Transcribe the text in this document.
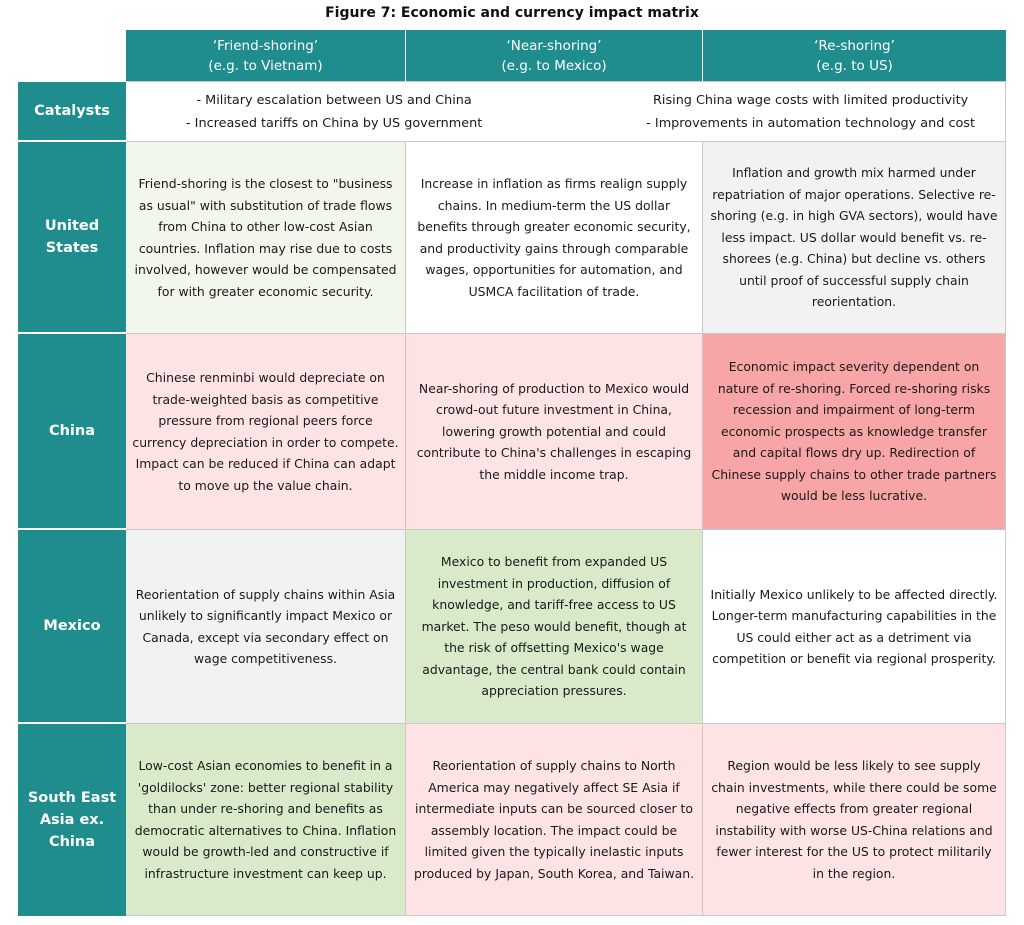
Figure 7: Economic and currency impact matrix
‘Friend-shoring’
(e.g. to Vietnam)
‘Near-shoring’
(e.g. to Mexico)
‘Re-shoring’
(e.g. to US)
Catalysts
- Military escalation between US and China
- Increased tariffs on China by US government
Rising China wage costs with limited productivity
- Improvements in automation technology and cost
United States
Friend-shoring is the closest to "business as usual" with substitution of trade flows from China to other low-cost Asian countries. Inflation may rise due to costs involved, however would be compensated for with greater economic security.
Increase in inflation as firms realign supply chains. In medium-term the US dollar benefits through greater economic security, and productivity gains through comparable wages, opportunities for automation, and USMCA facilitation of trade.
Inflation and growth mix harmed under repatriation of major operations. Selective re-shoring (e.g. in high GVA sectors), would have less impact. US dollar would benefit vs. re-shorees (e.g. China) but decline vs. others until proof of successful supply chain reorientation.
China
Chinese renminbi would depreciate on trade-weighted basis as competitive pressure from regional peers force currency depreciation in order to compete. Impact can be reduced if China can adapt to move up the value chain.
Near-shoring of production to Mexico would crowd-out future investment in China, lowering growth potential and could contribute to China's challenges in escaping the middle income trap.
Economic impact severity dependent on nature of re-shoring. Forced re-shoring risks recession and impairment of long-term economic prospects as knowledge transfer and capital flows dry up. Redirection of Chinese supply chains to other trade partners would be less lucrative.
Mexico
Reorientation of supply chains within Asia unlikely to significantly impact Mexico or Canada, except via secondary effect on wage competitiveness.
Mexico to benefit from expanded US investment in production, diffusion of knowledge, and tariff-free access to US market. The peso would benefit, though at the risk of offsetting Mexico's wage advantage, the central bank could contain appreciation pressures.
Initially Mexico unlikely to be affected directly. Longer-term manufacturing capabilities in the US could either act as a detriment via competition or benefit via regional prosperity.
South East Asia ex. China
Low-cost Asian economies to benefit in a 'goldilocks' zone: better regional stability than under re-shoring and benefits as democratic alternatives to China. Inflation would be growth-led and constructive if infrastructure investment can keep up.
Reorientation of supply chains to North America may negatively affect SE Asia if intermediate inputs can be sourced closer to assembly location. The impact could be limited given the typically inelastic inputs produced by Japan, South Korea, and Taiwan.
Region would be less likely to see supply chain investments, while there could be some negative effects from greater regional instability with worse US-China relations and fewer interest for the US to protect militarily in the region.
